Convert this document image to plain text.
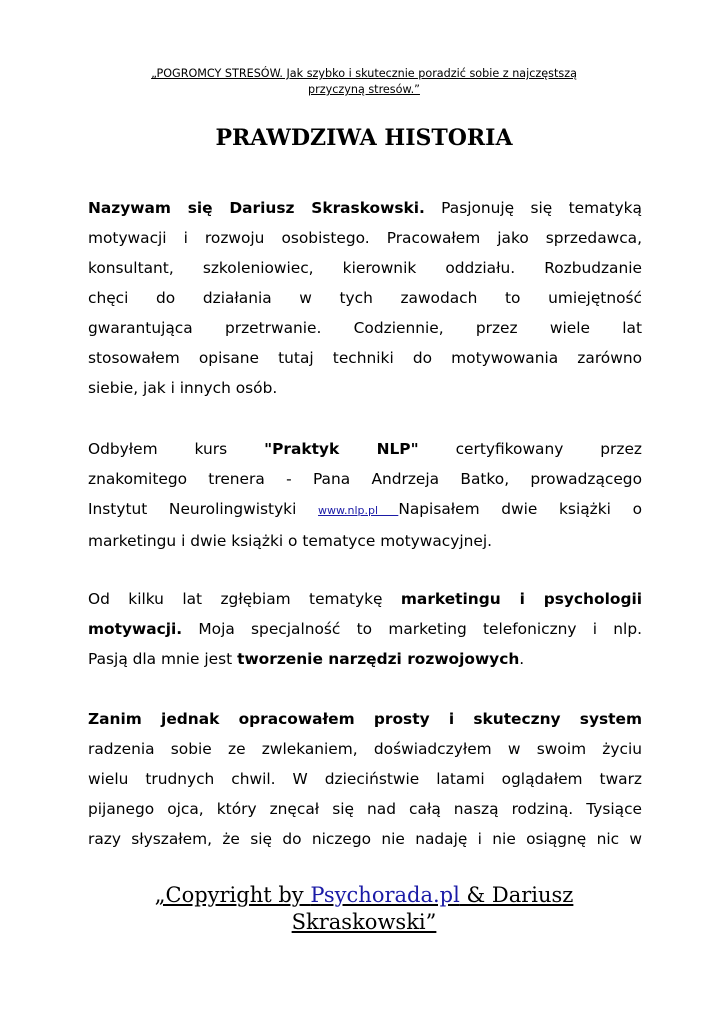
„POGROMCY STRESÓW. Jak szybko i skutecznie poradzić sobie z najczęstszą
przyczyną stresów.”
PRAWDZIWA HISTORIA
Nazywam się Dariusz Skraskowski. Pasjonuję się tematyką
motywacji i rozwoju osobistego. Pracowałem jako sprzedawca,
konsultant, szkoleniowiec, kierownik oddziału. Rozbudzanie
chęci do działania w tych zawodach to umiejętność
gwarantująca przetrwanie. Codziennie, przez wiele lat
stosowałem opisane tutaj techniki do motywowania zarówno
siebie, jak i innych osób.
Odbyłem kurs "Praktyk NLP" certyfikowany przez
znakomitego trenera - Pana Andrzeja Batko, prowadzącego
Instytut Neurolingwistyki www.nlp.pl Napisałem dwie książki o
marketingu i dwie książki o tematyce motywacyjnej.
Od kilku lat zgłębiam tematykę marketingu i psychologii
motywacji. Moja specjalność to marketing telefoniczny i nlp.
Pasją dla mnie jest tworzenie narzędzi rozwojowych.
Zanim jednak opracowałem prosty i skuteczny system
radzenia sobie ze zwlekaniem, doświadczyłem w swoim życiu
wielu trudnych chwil. W dzieciństwie latami oglądałem twarz
pijanego ojca, który znęcał się nad całą naszą rodziną. Tysiące
razy słyszałem, że się do niczego nie nadaję i nie osiągnę nic w
„Copyright by Psychorada.pl & Dariusz
Skraskowski”
